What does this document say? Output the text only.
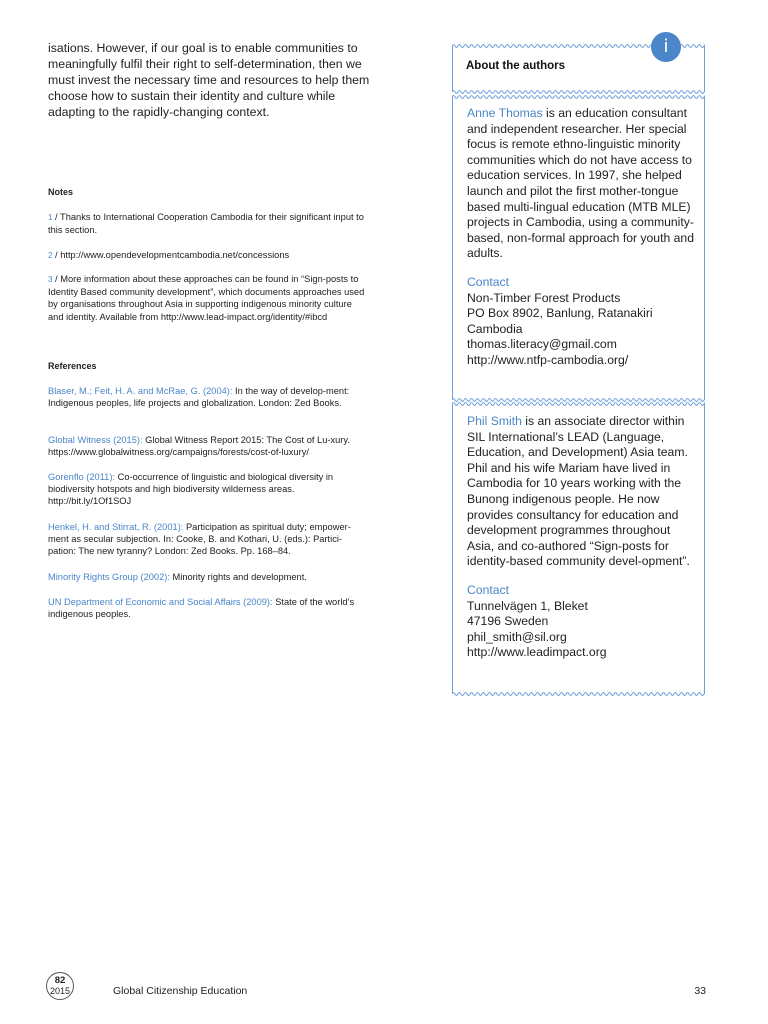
isations. However, if our goal is to enable communities to meaningfully fulfil their right to self-determination, then we must invest the necessary time and resources to help them choose how to sustain their identity and culture while adapting to the rapidly-changing context.

Notes

1 / Thanks to International Cooperation Cambodia for their significant input to this section.

2 / http://www.opendevelopmentcambodia.net/concessions

3 / More information about these approaches can be found in “Sign-posts to Identity Based community development”, which documents approaches used by organisations throughout Asia in supporting indigenous minority culture and identity. Available from http://www.lead-impact.org/identity/#ibcd

References

Blaser, M.; Feit, H. A. and McRae, G. (2004): In the way of develop-ment: Indigenous peoples, life projects and globalization. London: Zed Books.

Global Witness (2015): Global Witness Report 2015: The Cost of Lu-xury. https://www.globalwitness.org/campaigns/forests/cost-of-luxury/

Gorenflo (2011): Co-occurrence of linguistic and biological diversity in biodiversity hotspots and high biodiversity wilderness areas. http://bit.ly/1Of1SOJ

Henkel, H. and Stirrat, R. (2001): Participation as spiritual duty; empower-ment as secular subjection. In: Cooke, B. and Kothari, U. (eds.): Partici-pation: The new tyranny? London: Zed Books. Pp. 168–84.

Minority Rights Group (2002): Minority rights and development.

UN Department of Economic and Social Affairs (2009): State of the world’s indigenous peoples.

About the authors
i

Anne Thomas is an education consultant and independent researcher. Her special focus is remote ethno-linguistic minority communities which do not have access to education services. In 1997, she helped launch and pilot the first mother-tongue based multi-lingual education (MTB MLE) projects in Cambodia, using a community-based, non-formal approach for youth and adults.

Contact
Non-Timber Forest Products
PO Box 8902, Banlung, Ratanakiri
Cambodia
thomas.literacy@gmail.com
http://www.ntfp-cambodia.org/

Phil Smith is an associate director within SIL International’s LEAD (Language, Education, and Development) Asia team. Phil and his wife Mariam have lived in Cambodia for 10 years working with the Bunong indigenous people. He now provides consultancy for education and development programmes throughout Asia, and co-authored “Sign-posts for identity-based community devel-opment”.

Contact
Tunnelvägen 1, Bleket
47196 Sweden
phil_smith@sil.org
http://www.leadimpact.org

82
2015	Global Citizenship Education	33
